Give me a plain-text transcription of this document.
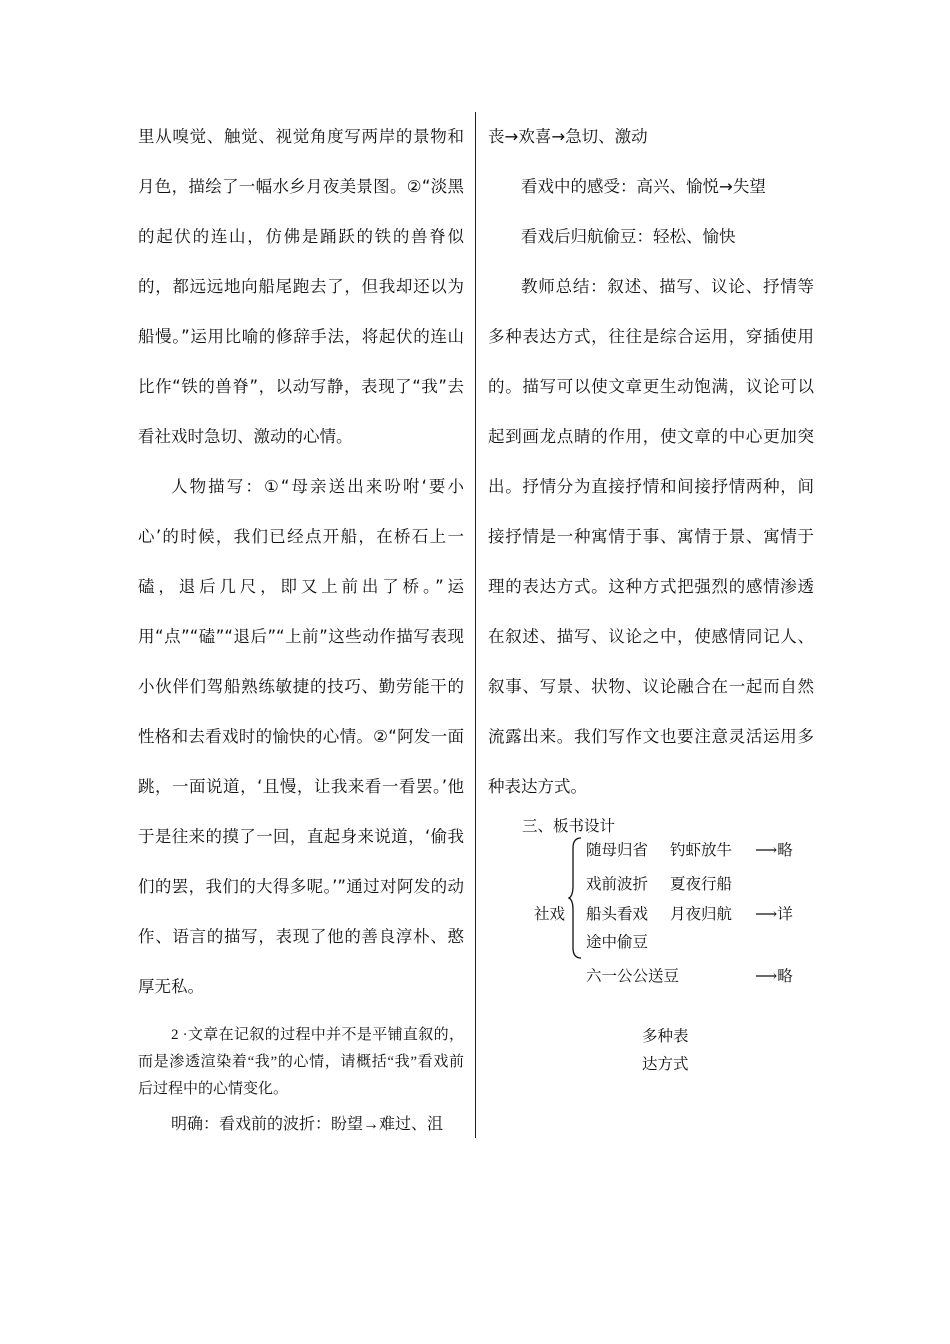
里从嗅觉、触觉、视觉角度写两岸的景物和月色，描绘了一幅水乡月夜美景图。②“淡黑的起伏的连山，仿佛是踊跃的铁的兽脊似的，都远远地向船尾跑去了，但我却还以为船慢。”运用比喻的修辞手法，将起伏的连山比作“铁的兽脊”，以动写静，表现了“我”去看社戏时急切、激动的心情。

人物描写：①“母亲送出来吩咐‘要小心’的时候，我们已经点开船，在桥石上一磕，退后几尺，即又上前出了桥。”运用“点”“磕”“退后”“上前”这些动作描写表现小伙伴们驾船熟练敏捷的技巧、勤劳能干的性格和去看戏时的愉快的心情。②“阿发一面跳，一面说道，‘且慢，让我来看一看罢。’他于是往来的摸了一回，直起身来说道，‘偷我们的罢，我们的大得多呢。’”通过对阿发的动作、语言的描写，表现了他的善良淳朴、憨厚无私。

2 ·文章在记叙的过程中并不是平铺直叙的，而是渗透渲染着“我”的心情，请概括“我”看戏前后过程中的心情变化。

明确：看戏前的波折：盼望→难过、沮

丧→欢喜→急切、激动

看戏中的感受：高兴、愉悦→失望

看戏后归航偷豆：轻松、愉快

教师总结：叙述、描写、议论、抒情等多种表达方式，往往是综合运用，穿插使用的。描写可以使文章更生动饱满，议论可以起到画龙点睛的作用，使文章的中心更加突出。抒情分为直接抒情和间接抒情两种，间接抒情是一种寓情于事、寓情于景、寓情于理的表达方式。这种方式把强烈的感情渗透在叙述、描写、议论之中，使感情同记人、叙事、写景、状物、议论融合在一起而自然流露出来。我们写作文也要注意灵活运用多种表达方式。

三、板书设计
社戏
随母归省	钓虾放牛	⟶略
戏前波折	夏夜行船
船头看戏	月夜归航	⟶详
途中偷豆
六一公公送豆	⟶略
多种表
达方式
